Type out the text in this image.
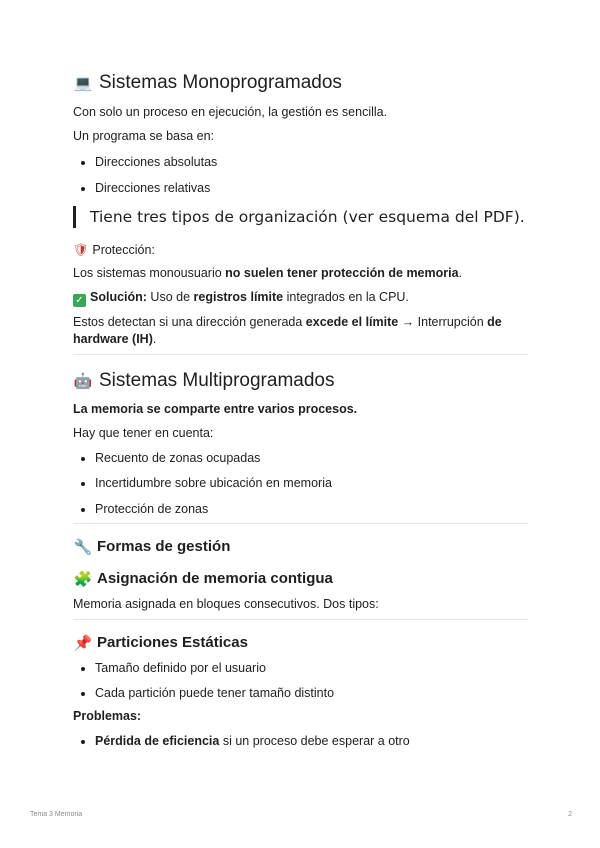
💻 Sistemas Monoprogramados

Con solo un proceso en ejecución, la gestión es sencilla.

Un programa se basa en:

• Direcciones absolutas
• Direcciones relativas
Tiene tres tipos de organización (ver esquema del PDF).

🛡 Protección:

Los sistemas monousuario no suelen tener protección de memoria.

✓ Solución: Uso de registros límite integrados en la CPU.

Estos detectan si una dirección generada excede el límite → Interrupción de hardware (IH).

🤖 Sistemas Multiprogramados

La memoria se comparte entre varios procesos.

Hay que tener en cuenta:

• Recuento de zonas ocupadas
• Incertidumbre sobre ubicación en memoria
• Protección de zonas
🔧 Formas de gestión
🧩 Asignación de memoria contigua

Memoria asignada en bloques consecutivos. Dos tipos:

📌 Particiones Estáticas
• Tamaño definido por el usuario
• Cada partición puede tener tamaño distinto

Problemas:

• Pérdida de eficiencia si un proceso debe esperar a otro
Tema 3 Memoria	2
